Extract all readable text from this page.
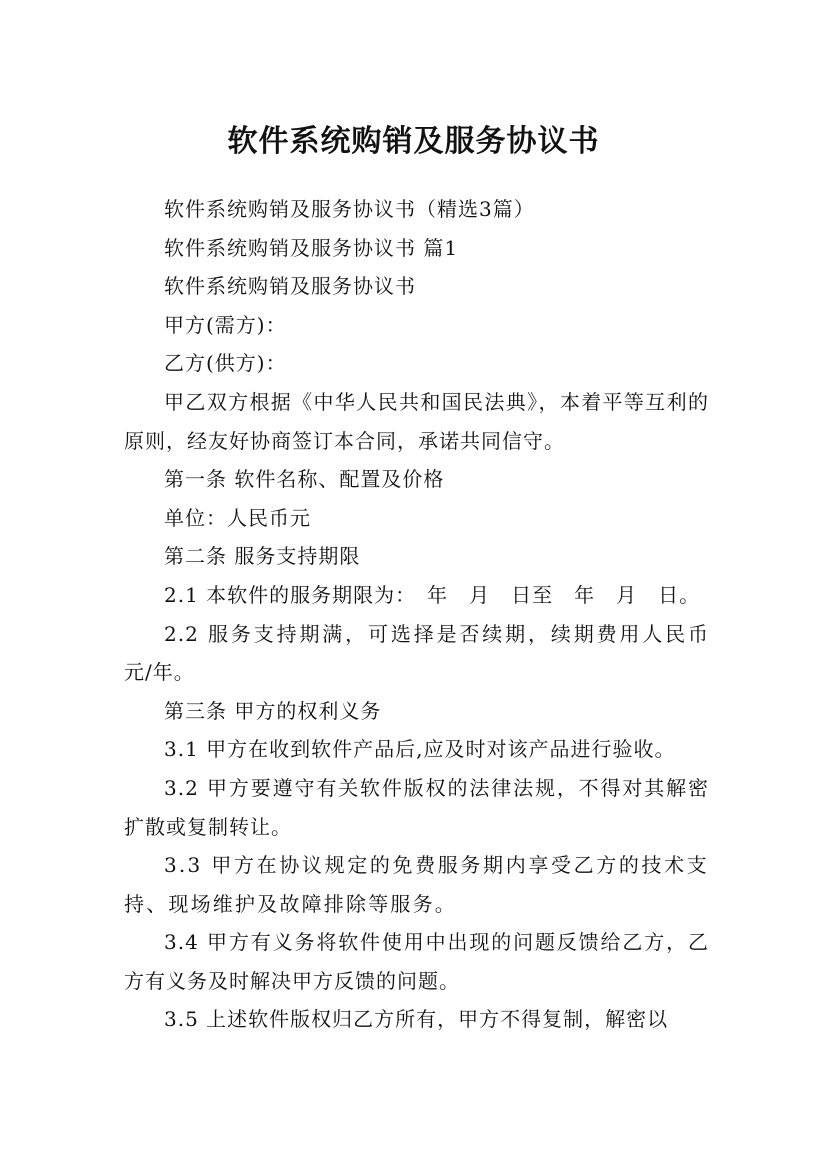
软件系统购销及服务协议书

软件系统购销及服务协议书（精选3篇）

软件系统购销及服务协议书 篇1

软件系统购销及服务协议书

甲方(需方)：

乙方(供方)：

甲乙双方根据《中华人民共和国民法典》，本着平等互利的原则，经友好协商签订本合同，承诺共同信守。

第一条 软件名称、配置及价格

单位：人民币元

第二条 服务支持期限

2.1 本软件的服务期限为：　年　月　日至　年　月　日。

2.2 服务支持期满，可选择是否续期，续期费用人民币　　元/年。

第三条 甲方的权利义务

3.1 甲方在收到软件产品后,应及时对该产品进行验收。

3.2 甲方要遵守有关软件版权的法律法规，不得对其解密扩散或复制转让。

3.3 甲方在协议规定的免费服务期内享受乙方的技术支持、现场维护及故障排除等服务。

3.4 甲方有义务将软件使用中出现的问题反馈给乙方，乙方有义务及时解决甲方反馈的问题。

3.5 上述软件版权归乙方所有，甲方不得复制，解密以
